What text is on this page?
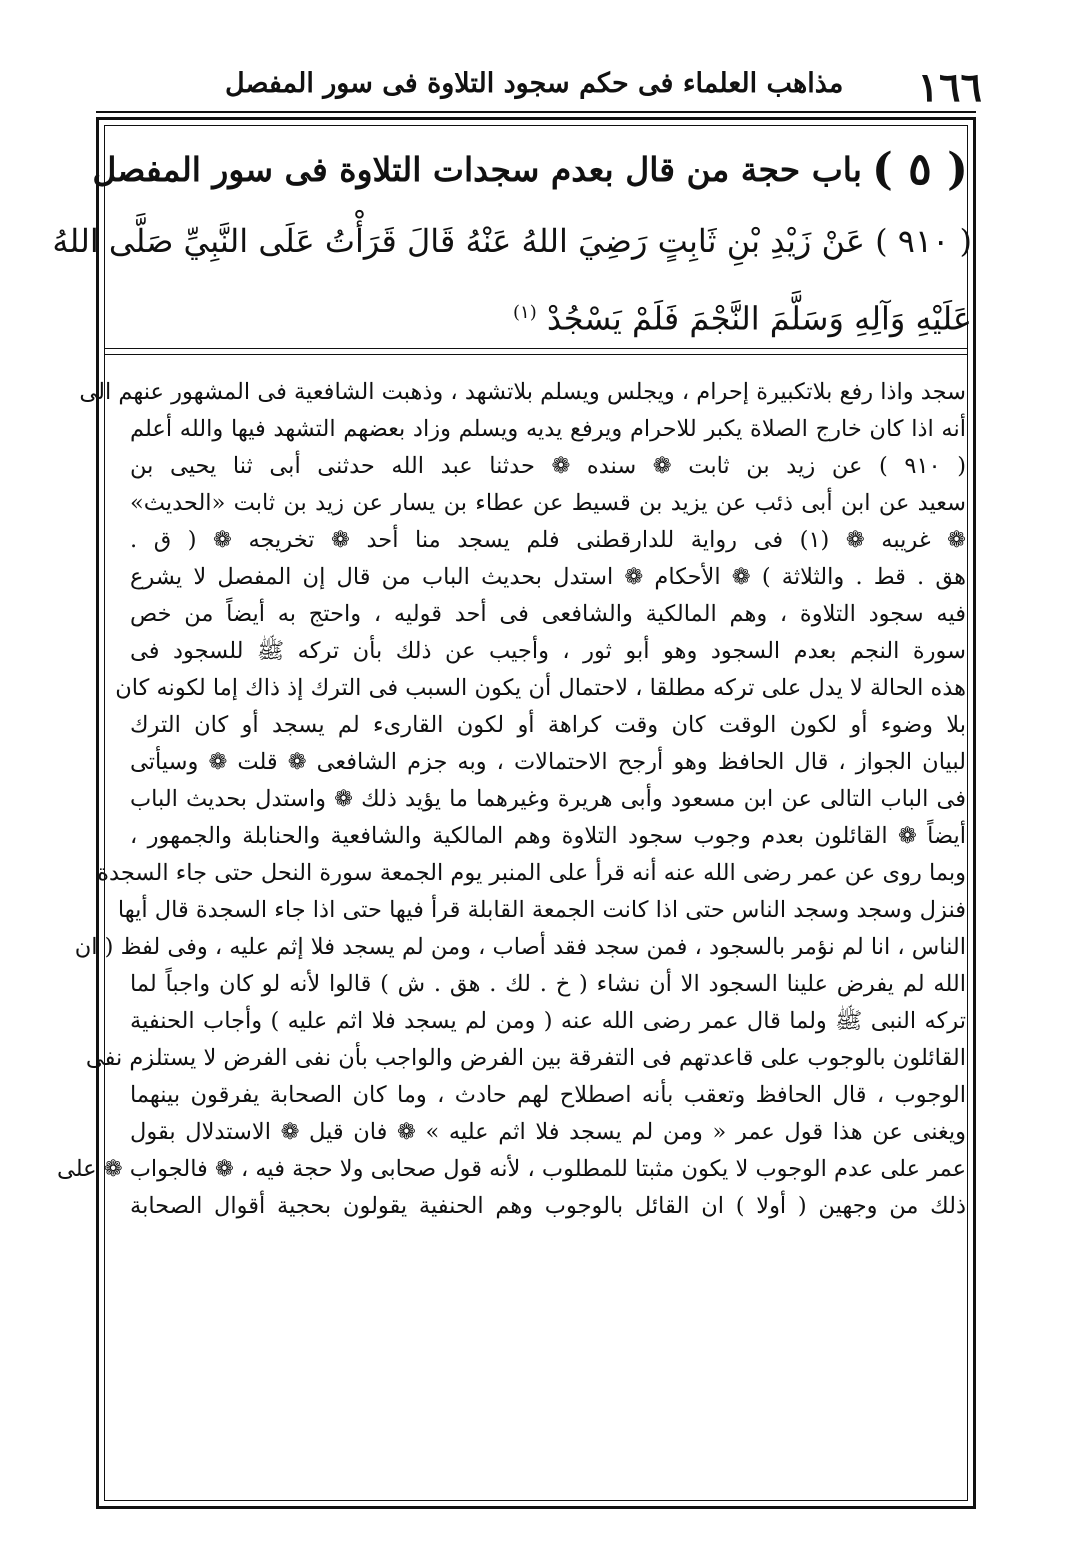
١٦٦
مذاهب العلماء فى حكم سجود التلاوة فى سور المفصل
( ٥ )
باب حجة من قال بعدم سجدات التلاوة فى سور المفصل
( ٩١٠ ) عَنْ زَيْدِ بْنِ ثَابِتٍ رَضِيَ اللهُ عَنْهُ قَالَ قَرَأْتُ عَلَى النَّبِيِّ صَلَّى اللهُ
عَلَيْهِ وَآلِهِ وَسَلَّمَ النَّجْمَ فَلَمْ يَسْجُدْ $^{(١)}$
سجد واذا رفع بلاتكبيرة إحرام ، ويجلس ويسلم بلاتشهد ، وذهبت الشافعية فى المشهور عنهم الى
أنه اذا كان خارج الصلاة يكبر للاحرام ويرفع يديه ويسلم وزاد بعضهم التشهد فيها والله أعلم
( ٩١٠ ) عن زيد بن ثابت ❁ سنده ❁ حدثنا عبد الله حدثنى أبى ثنا يحيى بن
سعيد عن ابن أبى ذئب عن يزيد بن قسيط عن عطاء بن يسار عن زيد بن ثابت «الحديث»
❁ غريبه ❁ (١) فى رواية للدارقطنى فلم يسجد منا أحد ❁ تخريجه ❁ ( ق .
هق . قط . والثلاثة ) ❁ الأحكام ❁ استدل بحديث الباب من قال إن المفصل لا يشرع
فيه سجود التلاوة ، وهم المالكية والشافعى فى أحد قوليه ، واحتج به أيضاً من خص
سورة النجم بعدم السجود وهو أبو ثور ، وأجيب عن ذلك بأن تركه ﷺ للسجود فى
هذه الحالة لا يدل على تركه مطلقا ، لاحتمال أن يكون السبب فى الترك إذ ذاك إما لكونه كان
بلا وضوء أو لكون الوقت كان وقت كراهة أو لكون القارىء لم يسجد أو كان الترك
لبيان الجواز ، قال الحافظ وهو أرجح الاحتمالات ، وبه جزم الشافعى ❁ قلت ❁ وسيأتى
فى الباب التالى عن ابن مسعود وأبى هريرة وغيرهما ما يؤيد ذلك ❁ واستدل بحديث الباب
أيضاً ❁ القائلون بعدم وجوب سجود التلاوة وهم المالكية والشافعية والحنابلة والجمهور ،
وبما روى عن عمر رضى الله عنه أنه قرأ على المنبر يوم الجمعة سورة النحل حتى جاء السجدة
فنزل وسجد وسجد الناس حتى اذا كانت الجمعة القابلة قرأ فيها حتى اذا جاء السجدة قال أيها
الناس ، انا لم نؤمر بالسجود ، فمن سجد فقد أصاب ، ومن لم يسجد فلا إثم عليه ، وفى لفظ ( ان
الله لم يفرض علينا السجود الا أن نشاء ( خ . لك . هق . ش ) قالوا لأنه لو كان واجباً لما
تركه النبى ﷺ ولما قال عمر رضى الله عنه ( ومن لم يسجد فلا اثم عليه ) وأجاب الحنفية
القائلون بالوجوب على قاعدتهم فى التفرقة بين الفرض والواجب بأن نفى الفرض لا يستلزم نفى
الوجوب ، قال الحافظ وتعقب بأنه اصطلاح لهم حادث ، وما كان الصحابة يفرقون بينهما
ويغنى عن هذا قول عمر « ومن لم يسجد فلا اثم عليه » ❁ فان قيل ❁ الاستدلال بقول
عمر على عدم الوجوب لا يكون مثبتا للمطلوب ، لأنه قول صحابى ولا حجة فيه ، ❁ فالجواب ❁ على
ذلك من وجهين ( أولا ) ان القائل بالوجوب وهم الحنفية يقولون بحجية أقوال الصحابة
